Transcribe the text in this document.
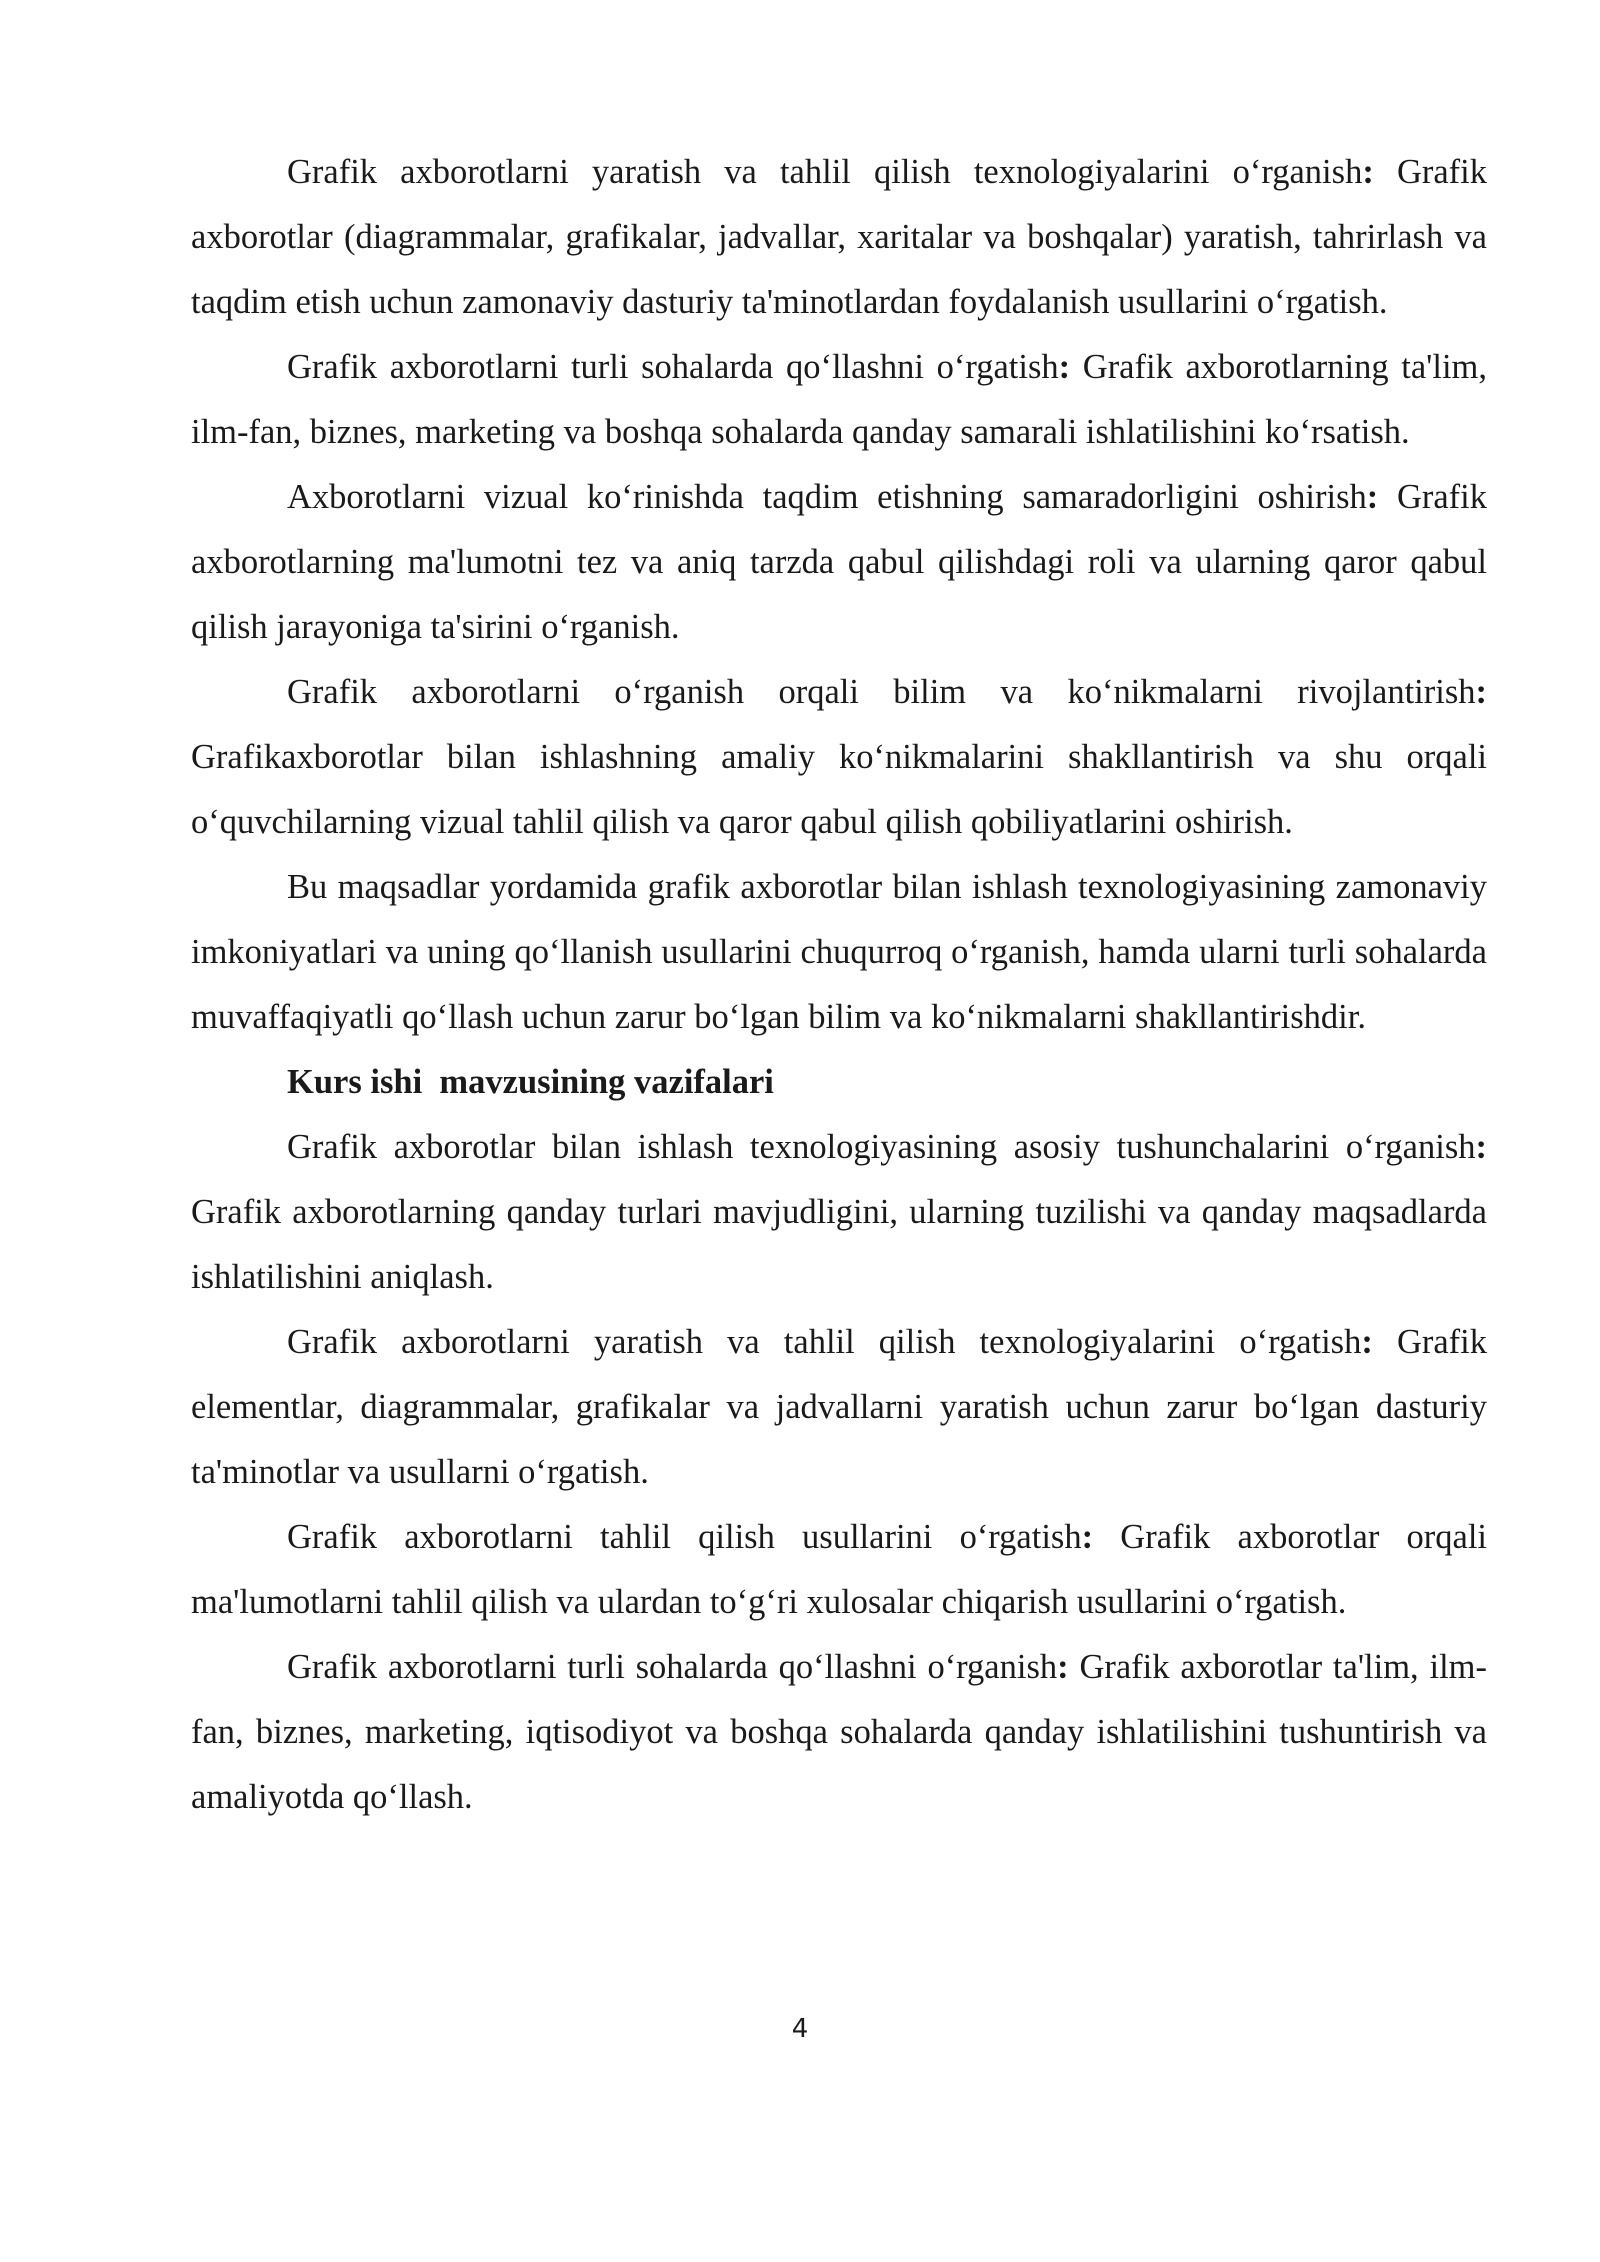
Grafik axborotlarni yaratish va tahlil qilish texnologiyalarini o‘rganish: Grafik axborotlar (diagrammalar, grafikalar, jadvallar, xaritalar va boshqalar) yaratish, tahrirlash va taqdim etish uchun zamonaviy dasturiy ta'minotlardan foydalanish usullarini o‘rgatish.

Grafik axborotlarni turli sohalarda qo‘llashni o‘rgatish: Grafik axborotlarning ta'lim, ilm-fan, biznes, marketing va boshqa sohalarda qanday samarali ishlatilishini ko‘rsatish.

Axborotlarni vizual ko‘rinishda taqdim etishning samaradorligini oshirish: Grafik axborotlarning ma'lumotni tez va aniq tarzda qabul qilishdagi roli va ularning qaror qabul qilish jarayoniga ta'sirini o‘rganish.

Grafik axborotlarni o‘rganish orqali bilim va ko‘nikmalarni rivojlantirish: Grafikaxborotlar bilan ishlashning amaliy ko‘nikmalarini shakllantirish va shu orqali o‘quvchilarning vizual tahlil qilish va qaror qabul qilish qobiliyatlarini oshirish.

Bu maqsadlar yordamida grafik axborotlar bilan ishlash texnologiyasining zamonaviy imkoniyatlari va uning qo‘llanish usullarini chuqurroq o‘rganish, hamda ularni turli sohalarda muvaffaqiyatli qo‘llash uchun zarur bo‘lgan bilim va ko‘nikmalarni shakllantirishdir.

Kurs ishi  mavzusining vazifalari

Grafik axborotlar bilan ishlash texnologiyasining asosiy tushunchalarini o‘rganish: Grafik axborotlarning qanday turlari mavjudligini, ularning tuzilishi va qanday maqsadlarda ishlatilishini aniqlash.

Grafik axborotlarni yaratish va tahlil qilish texnologiyalarini o‘rgatish: Grafik elementlar, diagrammalar, grafikalar va jadvallarni yaratish uchun zarur bo‘lgan dasturiy ta'minotlar va usullarni o‘rgatish.

Grafik axborotlarni tahlil qilish usullarini o‘rgatish: Grafik axborotlar orqali ma'lumotlarni tahlil qilish va ulardan to‘g‘ri xulosalar chiqarish usullarini o‘rgatish.

Grafik axborotlarni turli sohalarda qo‘llashni o‘rganish: Grafik axborotlar ta'lim, ilm-fan, biznes, marketing, iqtisodiyot va boshqa sohalarda qanday ishlatilishini tushuntirish va amaliyotda qo‘llash.

4
